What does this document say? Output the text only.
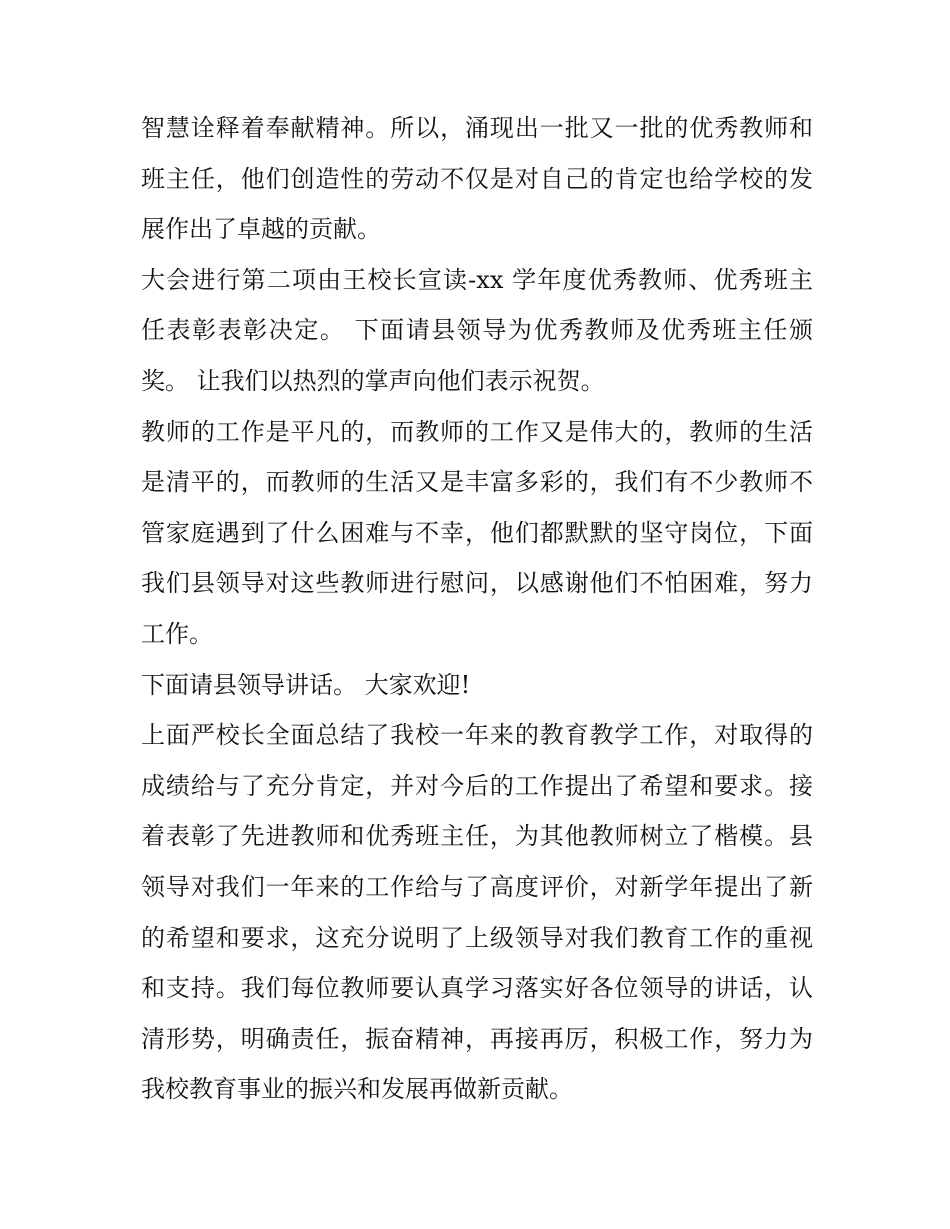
智慧诠释着奉献精神。所以，涌现出一批又一批的优秀教师和
班主任，他们创造性的劳动不仅是对自己的肯定也给学校的发
展作出了卓越的贡献。
大会进行第二项由王校长宣读-xx 学年度优秀教师、优秀班主
任表彰表彰决定。 下面请县领导为优秀教师及优秀班主任颁
奖。 让我们以热烈的掌声向他们表示祝贺。
教师的工作是平凡的，而教师的工作又是伟大的，教师的生活
是清平的，而教师的生活又是丰富多彩的，我们有不少教师不
管家庭遇到了什么困难与不幸，他们都默默的坚守岗位，下面
我们县领导对这些教师进行慰问，以感谢他们不怕困难，努力
工作。
下面请县领导讲话。 大家欢迎!
上面严校长全面总结了我校一年来的教育教学工作，对取得的
成绩给与了充分肯定，并对今后的工作提出了希望和要求。接
着表彰了先进教师和优秀班主任，为其他教师树立了楷模。县
领导对我们一年来的工作给与了高度评价，对新学年提出了新
的希望和要求，这充分说明了上级领导对我们教育工作的重视
和支持。我们每位教师要认真学习落实好各位领导的讲话，认
清形势，明确责任，振奋精神，再接再厉，积极工作，努力为
我校教育事业的振兴和发展再做新贡献。
